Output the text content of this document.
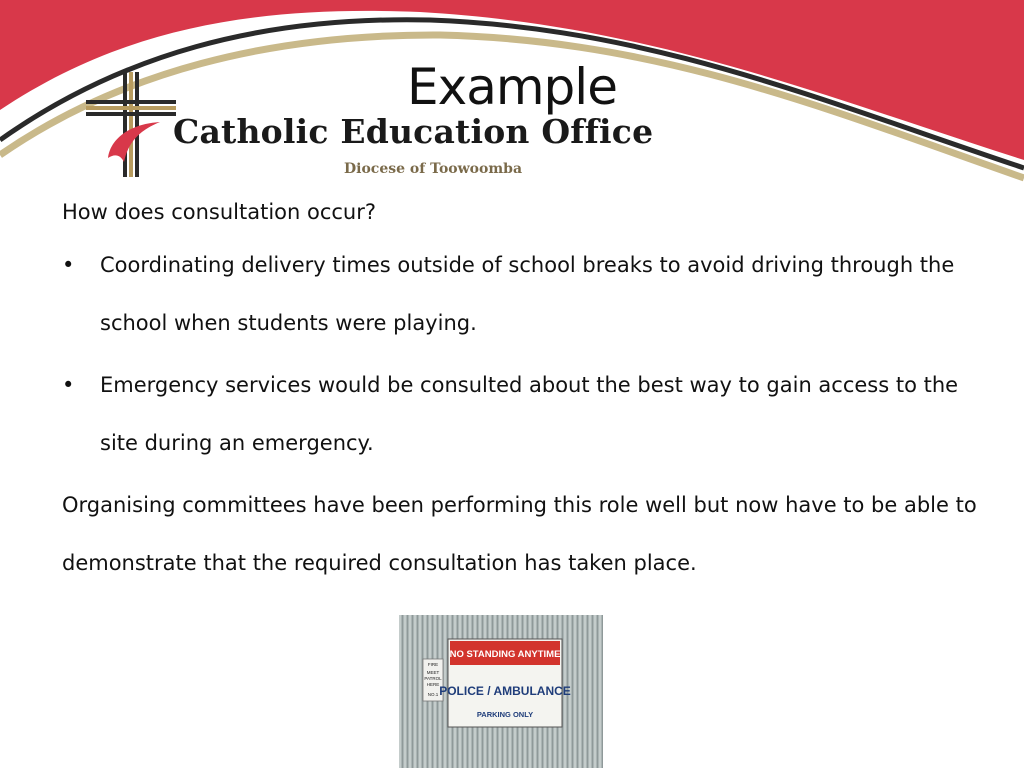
Example
Catholic Education Office
Diocese of Toowoomba

How does consultation occur?

• Coordinating delivery times outside of school breaks to avoid driving through the school when students were playing.
• Emergency services would be consulted about the best way to gain access to the site during an emergency.

Organising committees have been performing this role well but now have to be able to demonstrate that the required consultation has taken place.

FIRE
MEET
PATROL
HERE
NO.1
NO STANDING ANYTIME
POLICE / AMBULANCE
PARKING ONLY
